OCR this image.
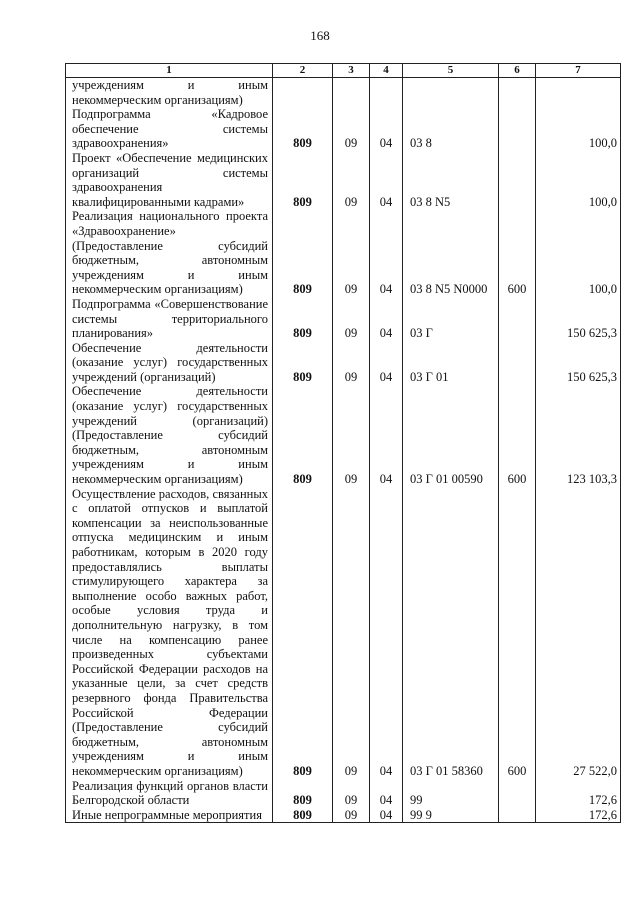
168
1	2	3	4	5	6	7
учреждениям и иным некоммерческим организациям)						
Подпрограмма «Кадровое обеспечение системы здравоохранения»	809	09	04	03 8		100,0
Проект «Обеспечение медицинских организаций системы здравоохранения квалифицированными кадрами»	809	09	04	03 8 N5		100,0
Реализация национального проекта «Здравоохранение» (Предоставление субсидий бюджетным, автономным учреждениям и иным некоммерческим организациям)	809	09	04	03 8 N5 N0000	600	100,0
Подпрограмма «Совершенствование системы территориального планирования»	809	09	04	03 Г		150 625,3
Обеспечение деятельности (оказание услуг) государственных учреждений (организаций)	809	09	04	03 Г 01		150 625,3
Обеспечение деятельности (оказание услуг) государственных учреждений (организаций) (Предоставление субсидий бюджетным, автономным учреждениям и иным некоммерческим организациям)	809	09	04	03 Г 01 00590	600	123 103,3
Осуществление расходов, связанных с оплатой отпусков и выплатой компенсации за неиспользованные отпуска медицинским и иным работникам, которым в 2020 году предоставлялись выплаты стимулирующего характера за выполнение особо важных работ, особые условия труда и дополнительную нагрузку, в том числе на компенсацию ранее произведенных субъектами Российской Федерации расходов на указанные цели, за счет средств резервного фонда Правительства Российской Федерации (Предоставление субсидий бюджетным, автономным учреждениям и иным некоммерческим организациям)	809	09	04	03 Г 01 58360	600	27 522,0
Реализация функций органов власти Белгородской области	809	09	04	99		172,6
Иные непрограммные мероприятия	809	09	04	99 9		172,6
